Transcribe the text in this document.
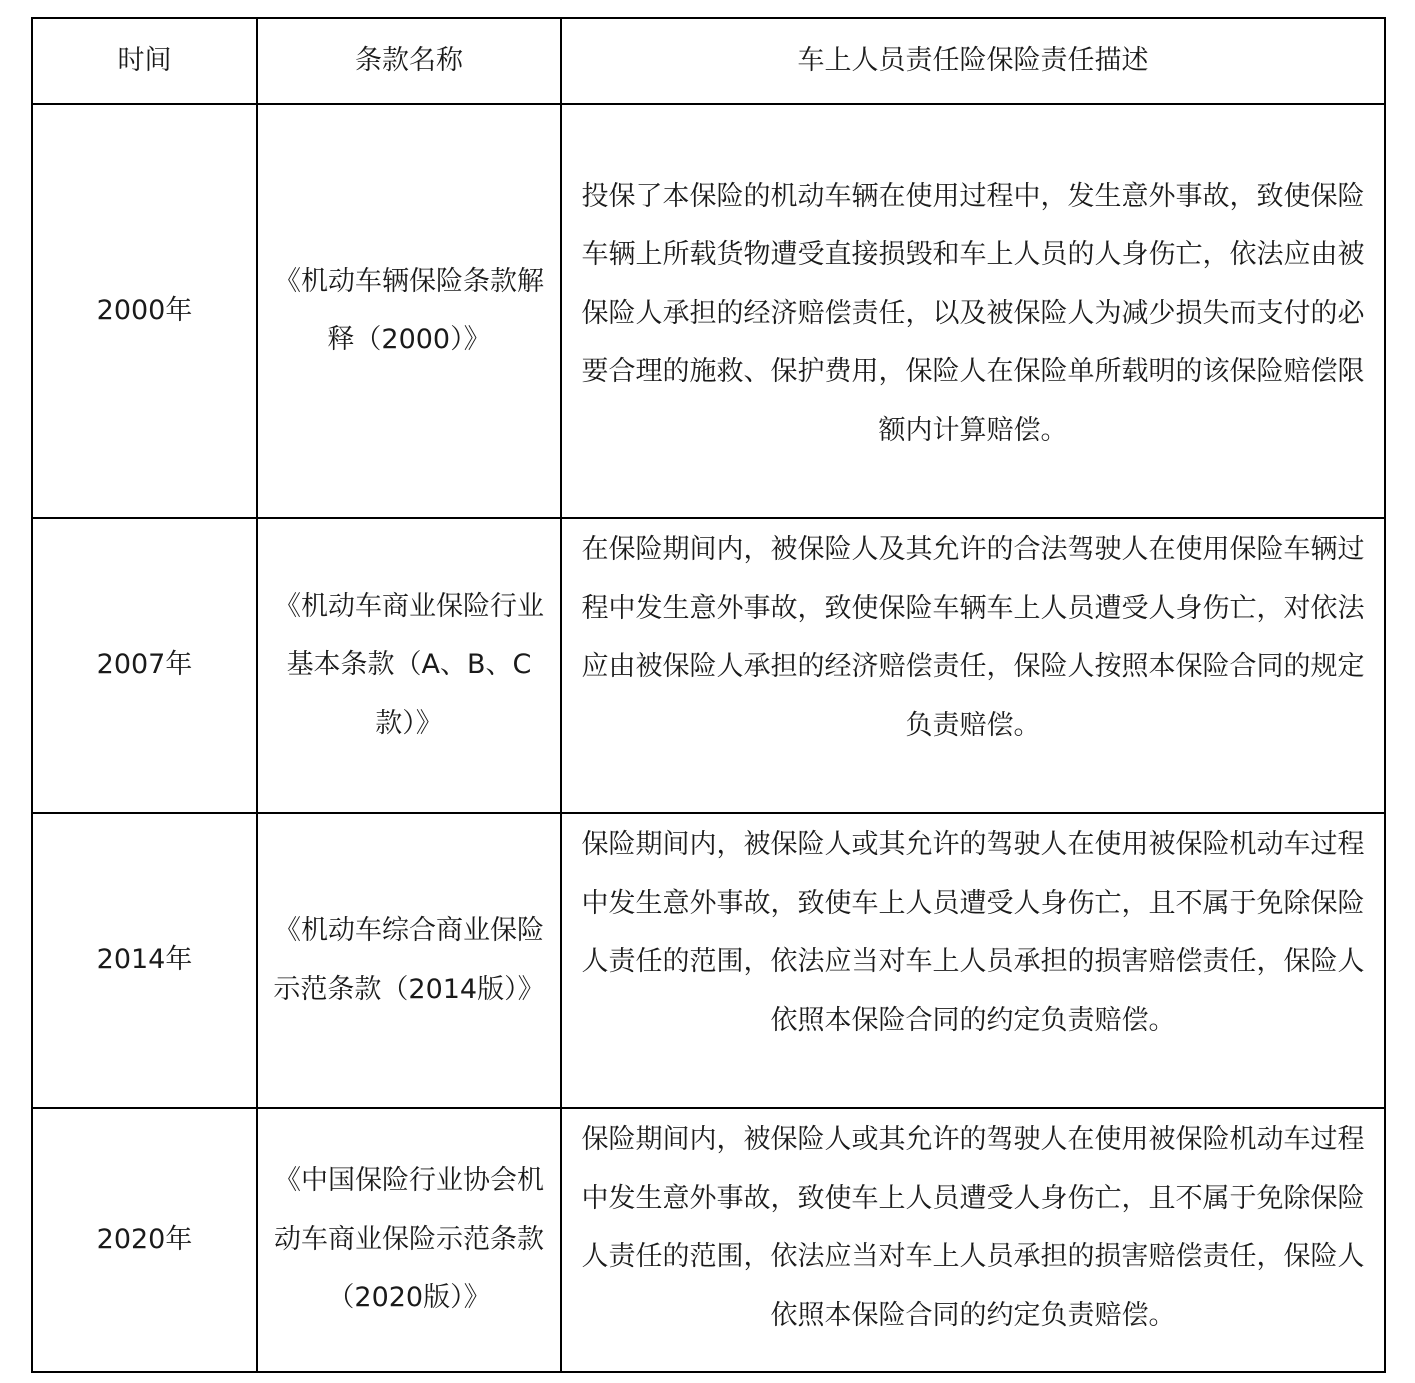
时间	条款名称	车上人员责任险保险责任描述
2000年	《机动车辆保险条款解释（2000）》	投保了本保险的机动车辆在使用过程中，发生意外事故，致使保险车辆上所载货物遭受直接损毁和车上人员的人身伤亡，依法应由被保险人承担的经济赔偿责任，以及被保险人为减少损失而支付的必要合理的施救、保护费用，保险人在保险单所载明的该保险赔偿限额内计算赔偿。

2007年	《机动车商业保险行业基本条款（A、B、C款）》	在保险期间内，被保险人及其允许的合法驾驶人在使用保险车辆过程中发生意外事故，致使保险车辆车上人员遭受人身伤亡，对依法应由被保险人承担的经济赔偿责任，保险人按照本保险合同的规定负责赔偿。

2014年	《机动车综合商业保险示范条款（2014版）》	保险期间内，被保险人或其允许的驾驶人在使用被保险机动车过程中发生意外事故，致使车上人员遭受人身伤亡，且不属于免除保险人责任的范围，依法应当对车上人员承担的损害赔偿责任，保险人依照本保险合同的约定负责赔偿。

2020年	《中国保险行业协会机动车商业保险示范条款（2020版）》	保险期间内，被保险人或其允许的驾驶人在使用被保险机动车过程中发生意外事故，致使车上人员遭受人身伤亡，且不属于免除保险人责任的范围，依法应当对车上人员承担的损害赔偿责任，保险人依照本保险合同的约定负责赔偿。
